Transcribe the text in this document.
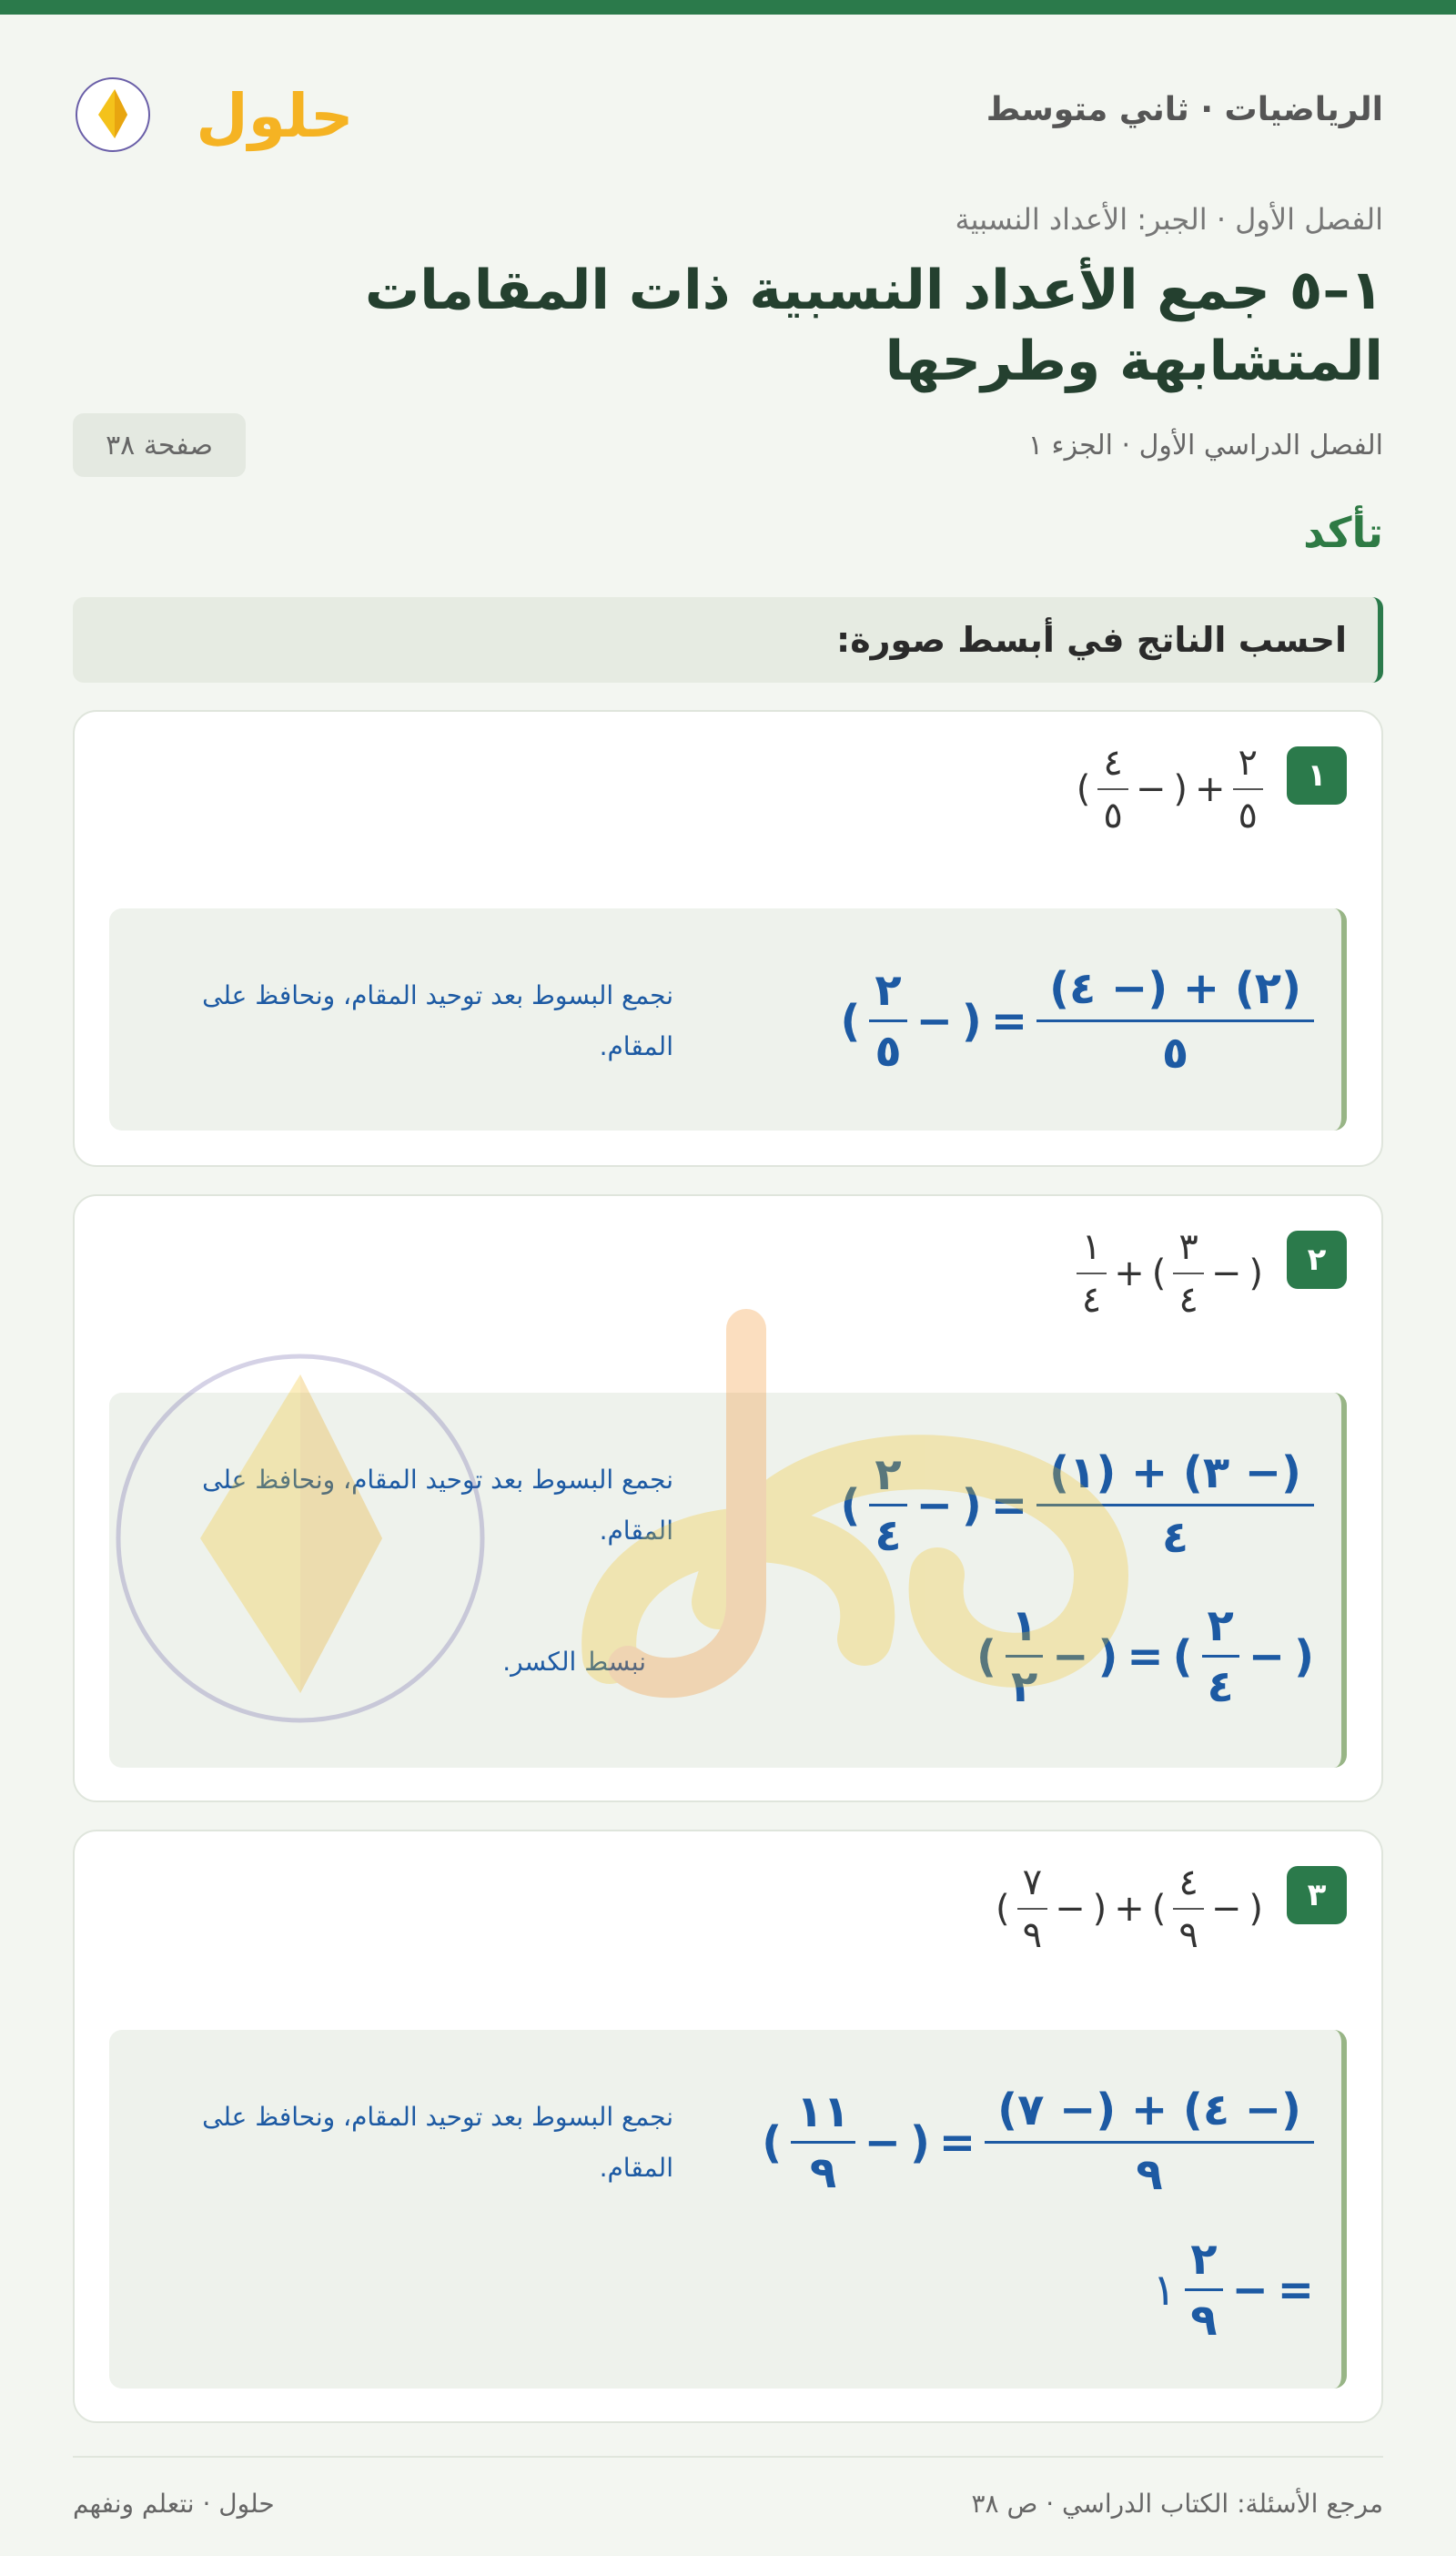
الرياضيات · ثاني متوسط
حلول
الفصل الأول · الجبر: الأعداد النسبية
١–٥ جمع الأعداد النسبية ذات المقامات المتشابهة وطرحها
الفصل الدراسي الأول · الجزء ١
صفحة ٣٨
تأكد
احسب الناتج في أبسط صورة:
١
$\frac{٢}{٥}$
+
(
−
$\frac{٤}{٥}$
)
$\frac{(٢) + (- ٤)}{٥}$
=
(
−
$\frac{٢}{٥}$
)
نجمع البسوط بعد توحيد المقام، ونحافظ على المقام.
٢
(
−
$\frac{٣}{٤}$
)
+
$\frac{١}{٤}$
$\frac{(- ٣) + (١)}{٤}$
=
(
−
$\frac{٢}{٤}$
)
نجمع البسوط بعد توحيد المقام، ونحافظ على المقام.
(
−
$\frac{٢}{٤}$
)
=
(
−
$\frac{١}{٢}$
)
نبسط الكسر.
٣
(
−
$\frac{٤}{٩}$
)
+
(
−
$\frac{٧}{٩}$
)
$\frac{(- ٤) + (- ٧)}{٩}$
=
(
−
$\frac{١١}{٩}$
)
نجمع البسوط بعد توحيد المقام، ونحافظ على المقام.
=
−
$\frac{٢}{٩}$
١
مرجع الأسئلة: الكتاب الدراسي · ص ٣٨
حلول · نتعلم ونفهم
